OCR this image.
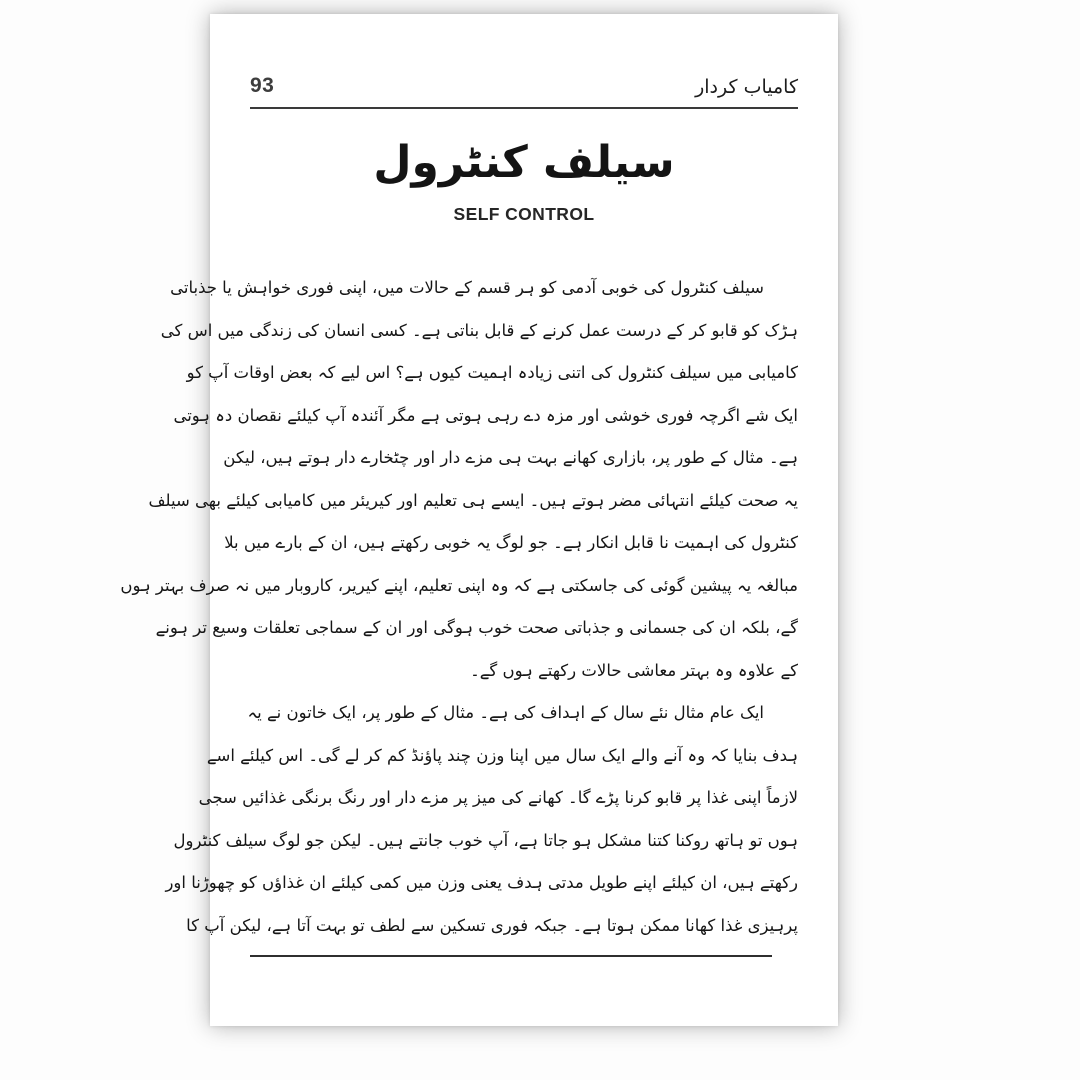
93	کامیاب کردار
سیلف کنٹرول
SELF CONTROL
سیلف کنٹرول کی خوبی آدمی کو ہر قسم کے حالات میں، اپنی فوری خواہش یا جذباتی
ہڑک کو قابو کر کے درست عمل کرنے کے قابل بناتی ہے۔ کسی انسان کی زندگی میں اس کی
کامیابی میں سیلف کنٹرول کی اتنی زیادہ اہمیت کیوں ہے؟ اس لیے کہ بعض اوقات آپ کو
ایک شے اگرچہ فوری خوشی اور مزہ دے رہی ہوتی ہے مگر آئندہ آپ کیلئے نقصان دہ ہوتی
ہے۔ مثال کے طور پر، بازاری کھانے بہت ہی مزے دار اور چٹخارے دار ہوتے ہیں، لیکن
یہ صحت کیلئے انتہائی مضر ہوتے ہیں۔ ایسے ہی تعلیم اور کیریئر میں کامیابی کیلئے بھی سیلف
کنٹرول کی اہمیت نا قابل انکار ہے۔ جو لوگ یہ خوبی رکھتے ہیں، ان کے بارے میں بلا
مبالغہ یہ پیشین گوئی کی جاسکتی ہے کہ وہ اپنی تعلیم، اپنے کیریر، کاروبار میں نہ صرف بہتر ہوں
گے، بلکہ ان کی جسمانی و جذباتی صحت خوب ہوگی اور ان کے سماجی تعلقات وسیع تر ہونے
کے علاوہ وہ بہتر معاشی حالات رکھتے ہوں گے۔
ایک عام مثال نئے سال کے اہداف کی ہے۔ مثال کے طور پر، ایک خاتون نے یہ
ہدف بنایا کہ وہ آنے والے ایک سال میں اپنا وزن چند پاؤنڈ کم کر لے گی۔ اس کیلئے اسے
لازماً اپنی غذا پر قابو کرنا پڑے گا۔ کھانے کی میز پر مزے دار اور رنگ برنگی غذائیں سجی
ہوں تو ہاتھ روکنا کتنا مشکل ہو جاتا ہے، آپ خوب جانتے ہیں۔ لیکن جو لوگ سیلف کنٹرول
رکھتے ہیں، ان کیلئے اپنے طویل مدتی ہدف یعنی وزن میں کمی کیلئے ان غذاؤں کو چھوڑنا اور
پرہیزی غذا کھانا ممکن ہوتا ہے۔ جبکہ فوری تسکین سے لطف تو بہت آتا ہے، لیکن آپ کا
